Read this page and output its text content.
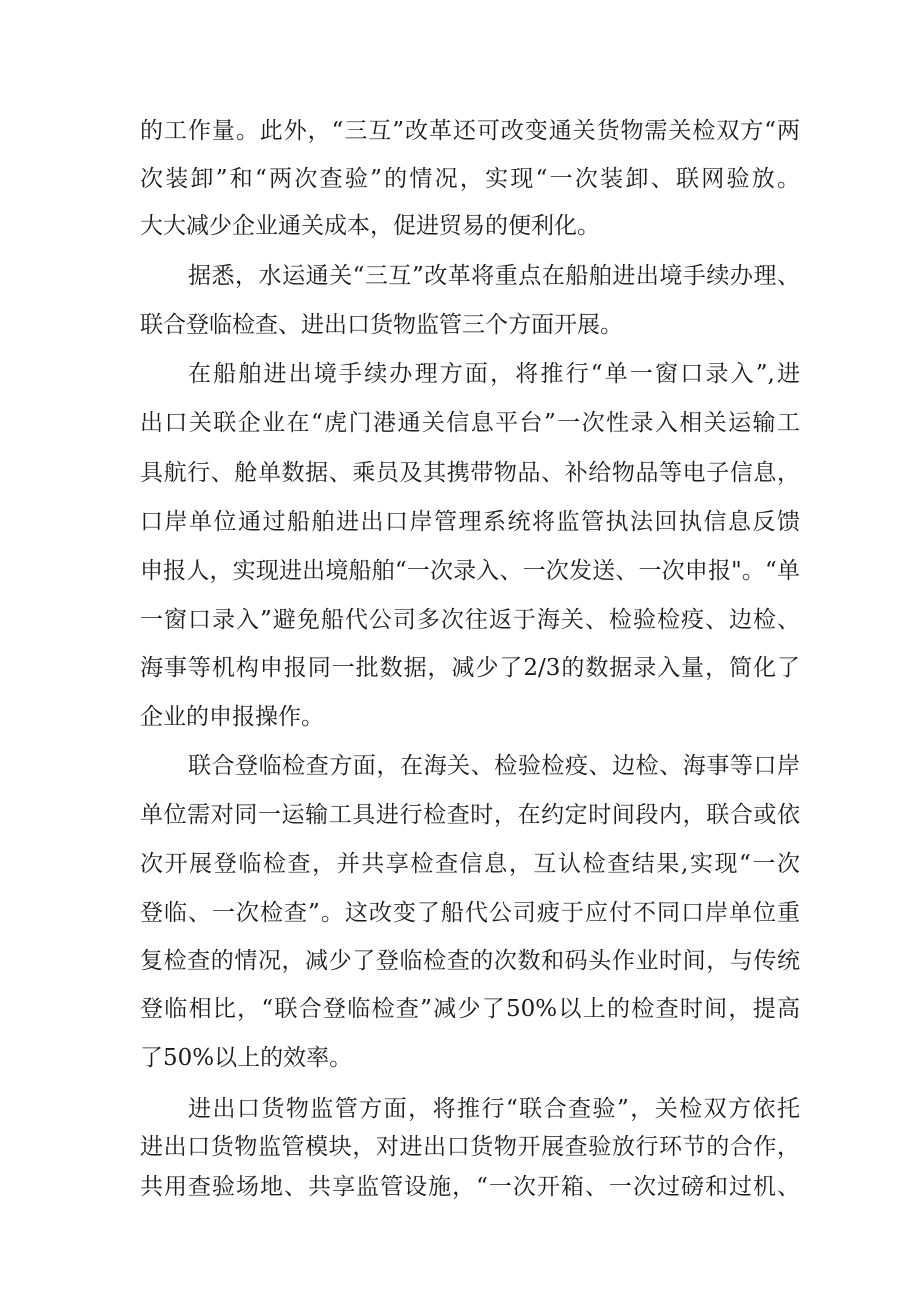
的工作量。此外，“三互”改革还可改变通关货物需关检双方“两
次装卸”和“两次查验”的情况，实现“一次装卸、联网验放。
大大减少企业通关成本，促进贸易的便利化。
据悉，水运通关“三互”改革将重点在船舶进出境手续办理、
联合登临检查、进出口货物监管三个方面开展。
在船舶进出境手续办理方面，将推行“单一窗口录入”,进
出口关联企业在“虎门港通关信息平台”一次性录入相关运输工
具航行、舱单数据、乘员及其携带物品、补给物品等电子信息，
口岸单位通过船舶进出口岸管理系统将监管执法回执信息反馈
申报人，实现进出境船舶“一次录入、一次发送、一次申报"。“单
一窗口录入”避免船代公司多次往返于海关、检验检疫、边检、
海事等机构申报同一批数据，减少了2/3的数据录入量，简化了
企业的申报操作。
联合登临检查方面，在海关、检验检疫、边检、海事等口岸
单位需对同一运输工具进行检查时，在约定时间段内，联合或依
次开展登临检查，并共享检查信息，互认检查结果,实现“一次
登临、一次检查”。这改变了船代公司疲于应付不同口岸单位重
复检查的情况，减少了登临检查的次数和码头作业时间，与传统
登临相比，“联合登临检查”减少了50%以上的检查时间，提高
了50%以上的效率。
进出口货物监管方面，将推行“联合查验”，关检双方依托
进出口货物监管模块，对进出口货物开展查验放行环节的合作，
共用查验场地、共享监管设施，“一次开箱、一次过磅和过机、
